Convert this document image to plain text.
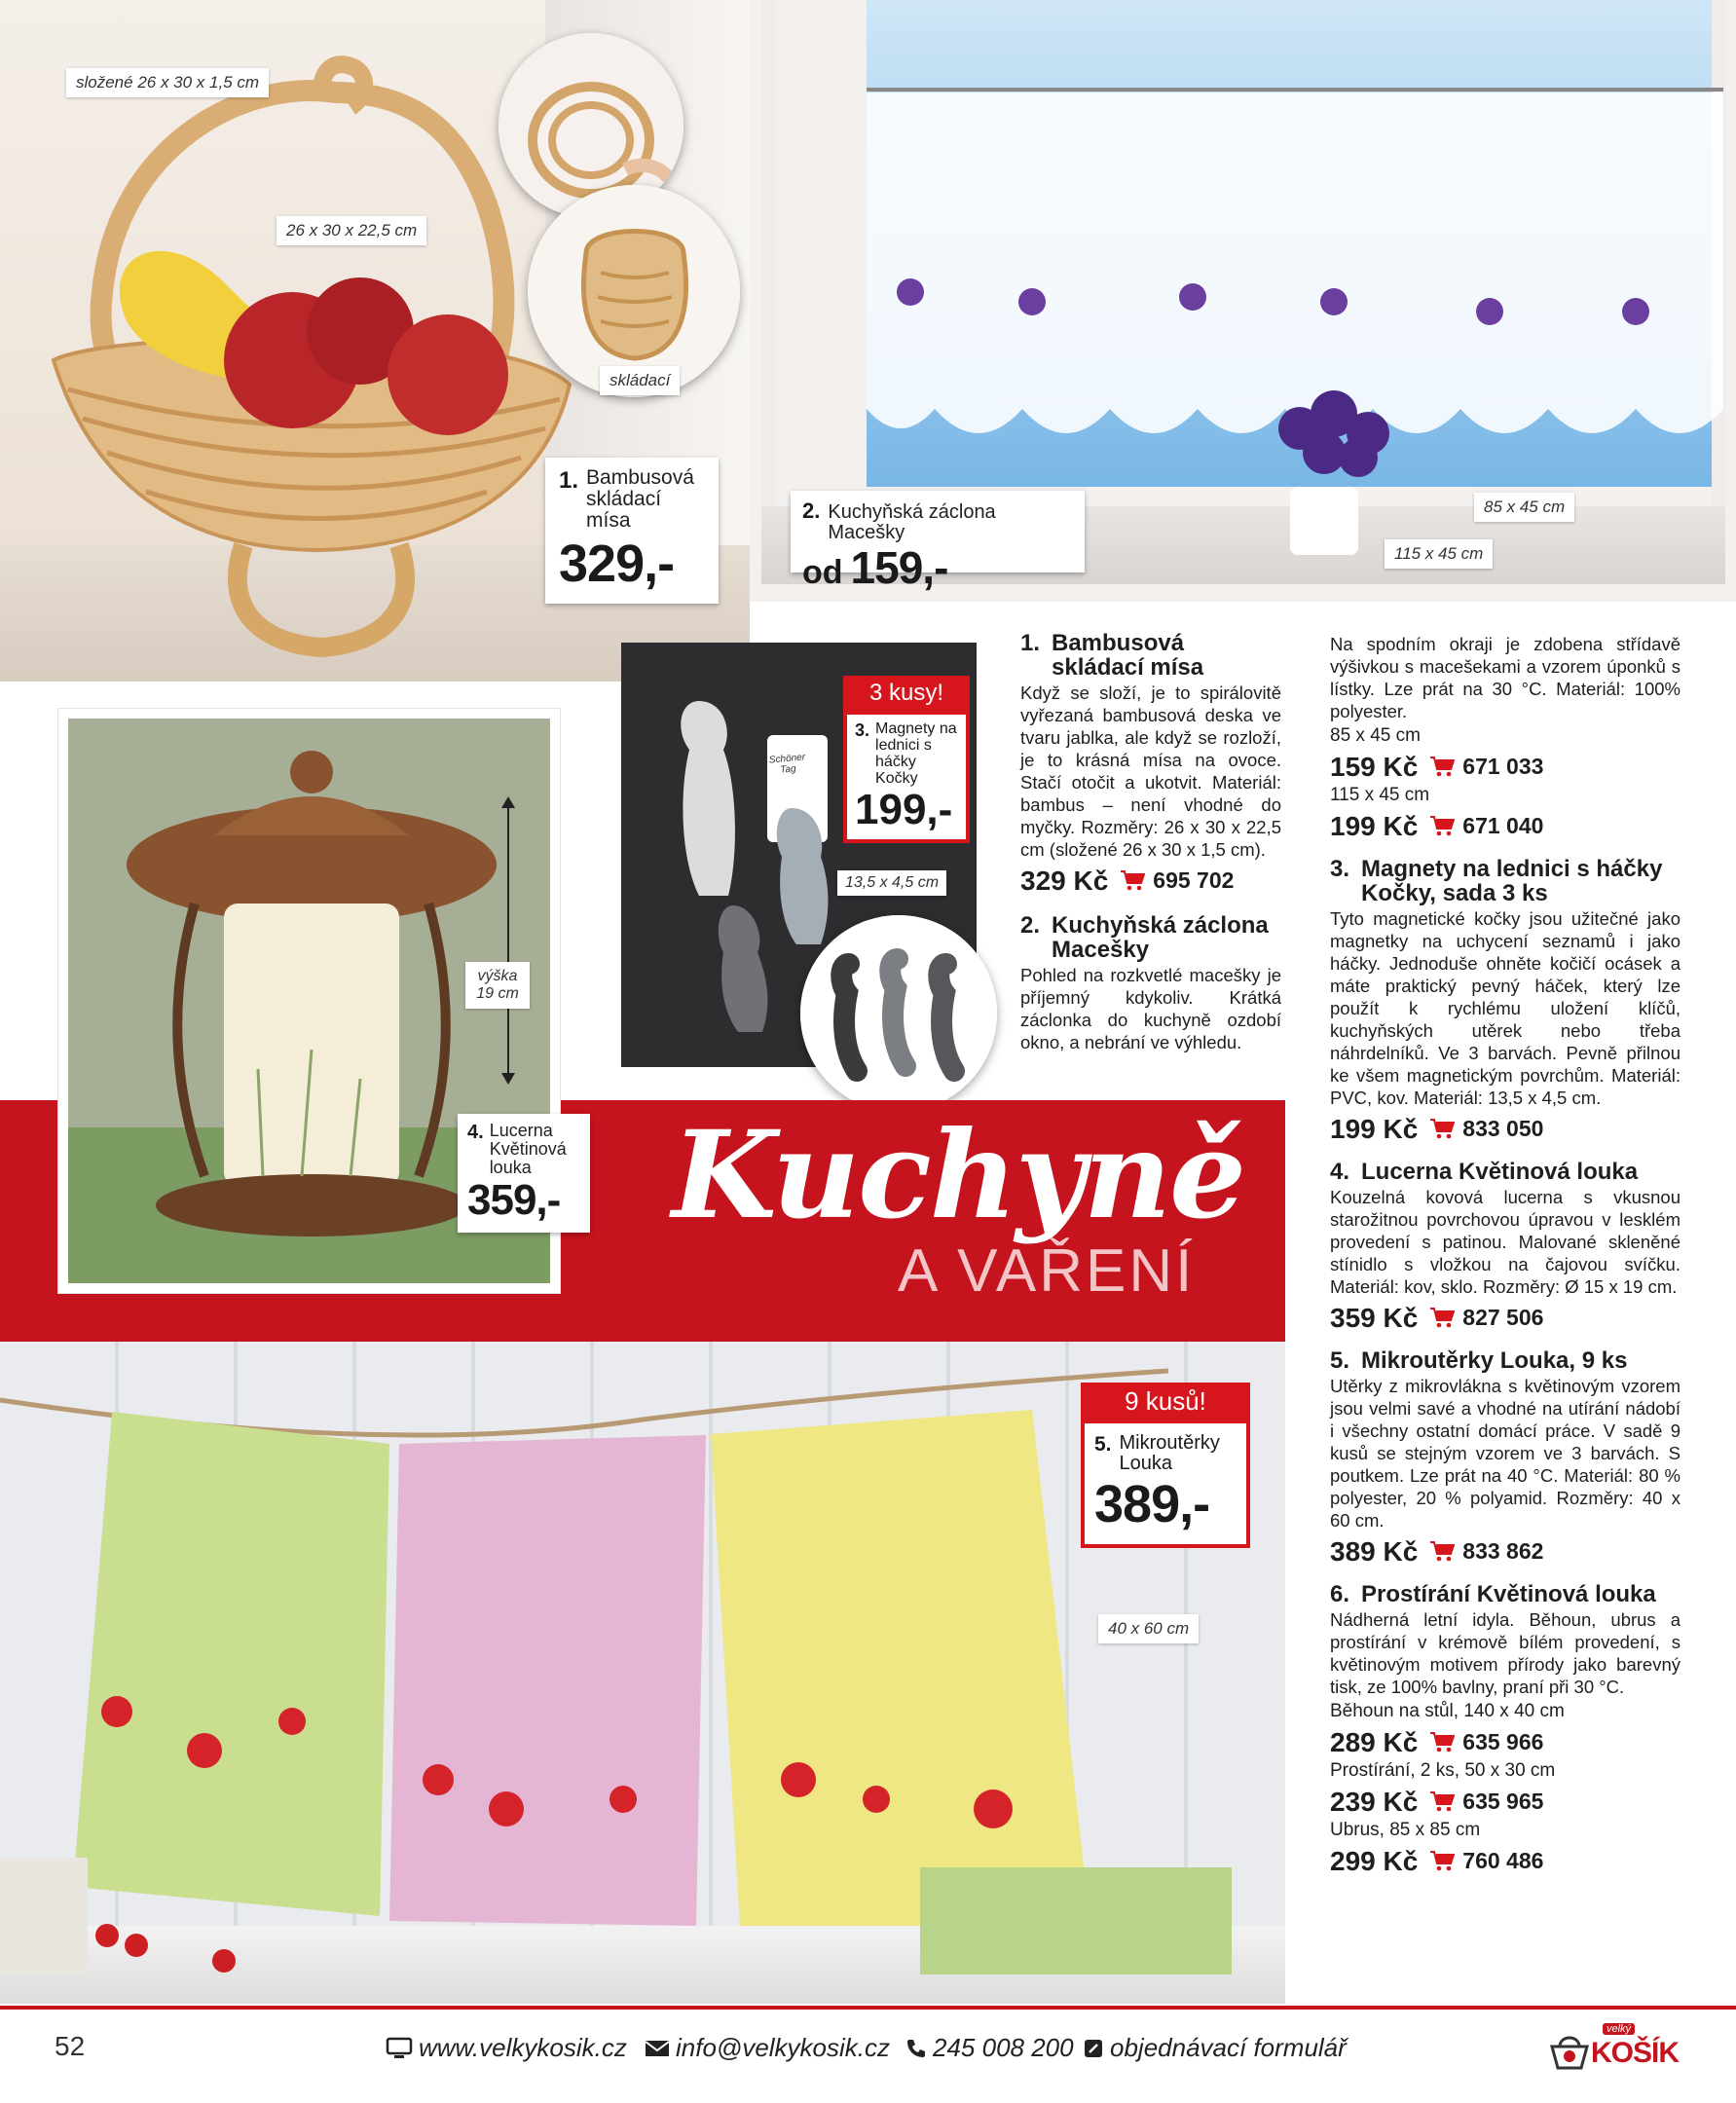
složené 26 x 30 x 1,5 cm
26 x 30 x 22,5 cm
skládací
1. Bambusová skládací mísa
329,-
2. Kuchyňská záclona Macešky
od 159,-
85 x 45 cm
115 x 45 cm
Schöner Tag
3 kusy!
3. Magnety na lednici s háčky Kočky
199,-
13,5 x 4,5 cm
Kuchyně
A VAŘENÍ
výška 19 cm
4. Lucerna Květinová louka
359,-
9 kusů!
5. Mikroutěrky Louka
389,-
40 x 60 cm
1. Bambusová skládací mísa

Když se složí, je to spirálovitě vyřezaná bambusová deska ve tvaru jablka, ale když se rozloží, je to krásná mísa na ovoce. Stačí otočit a ukotvit. Materiál: bambus – není vhodné do myčky. Rozměry: 26 x 30 x 22,5 cm (složené 26 x 30 x 1,5 cm).

329 Kč 695 702
2. Kuchyňská záclona Macešky

Pohled na rozkvetlé macešky je příjemný kdykoliv. Krátká záclonka do kuchyně ozdobí okno, a nebrání ve výhledu.

Na spodním okraji je zdobena střídavě výšivkou s macešekami a vzorem úponků s lístky. Lze prát na 30 °C. Materiál: 100% polyester.

85 x 45 cm
159 Kč 671 033
115 x 45 cm
199 Kč 671 040
3. Magnety na lednici s háčky Kočky, sada 3 ks

Tyto magnetické kočky jsou užitečné jako magnetky na uchycení seznamů i jako háčky. Jednoduše ohněte kočičí ocásek a máte praktický pevný háček, který lze použít k rychlému uložení klíčů, kuchyňských utěrek nebo třeba náhrdelníků. Ve 3 barvách. Pevně přilnou ke všem magnetickým povrchům. Materiál: PVC, kov. Materiál: 13,5 x 4,5 cm.

199 Kč 833 050
4. Lucerna Květinová louka

Kouzelná kovová lucerna s vkusnou starožitnou povrchovou úpravou v lesklém provedení s patinou. Malované skleněné stínidlo s vložkou na čajovou svíčku. Materiál: kov, sklo. Rozměry: Ø 15 x 19 cm.

359 Kč 827 506
5. Mikroutěrky Louka, 9 ks

Utěrky z mikrovlákna s květinovým vzorem jsou velmi savé a vhodné na utírání nádobí i všechny ostatní domácí práce. V sadě 9 kusů se stejným vzorem ve 3 barvách. S poutkem. Lze prát na 40 °C. Materiál: 80 % polyester, 20 % polyamid. Rozměry: 40 x 60 cm.

389 Kč 833 862
6. Prostírání Květinová louka

Nádherná letní idyla. Běhoun, ubrus a prostírání v krémově bílém provedení, s květinovým motivem přírody jako barevný tisk, ze 100% bavlny, praní při 30 °C.

Běhoun na stůl, 140 x 40 cm
289 Kč 635 966
Prostírání, 2 ks, 50 x 30 cm
239 Kč 635 965
Ubrus, 85 x 85 cm
299 Kč 760 486
52	www.velkykosik.cz info@velkykosik.cz 245 008 200 objednávací formulář
velký
KOŠÍK
